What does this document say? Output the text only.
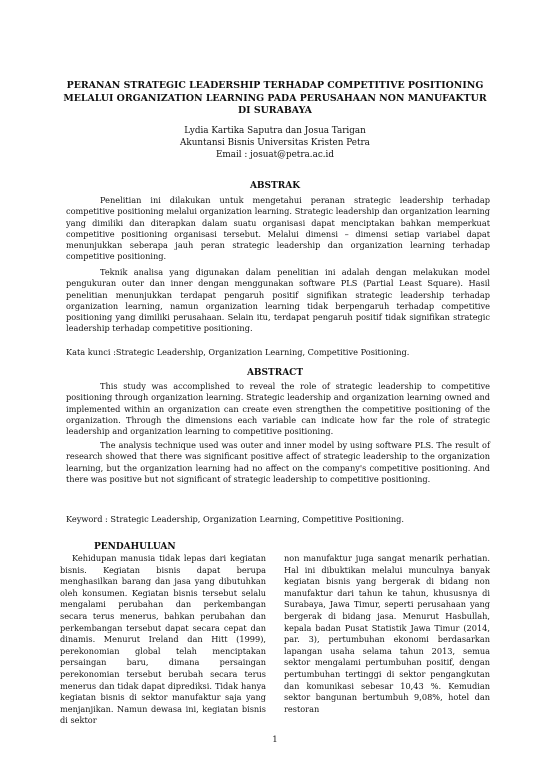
PERANAN STRATEGIC LEADERSHIP TERHADAP COMPETITIVE POSITIONING MELALUI ORGANIZATION LEARNING PADA PERUSAHAAN NON MANUFAKTUR DI SURABAYA
Lydia Kartika Saputra dan Josua Tarigan
Akuntansi Bisnis Universitas Kristen Petra
Email : josuat@petra.ac.id
ABSTRAK

Penelitian ini dilakukan untuk mengetahui peranan strategic leadership terhadap competitive positioning melalui organization learning. Strategic leadership dan organization learning yang dimiliki dan diterapkan dalam suatu organisasi dapat menciptakan bahkan memperkuat competitive positioning organisasi tersebut. Melalui dimensi – dimensi setiap variabel dapat menunjukkan seberapa jauh peran strategic leadership dan organization learning terhadap competitive positioning.

Teknik analisa yang digunakan dalam penelitian ini adalah dengan melakukan model pengukuran outer dan inner dengan menggunakan software PLS (Partial Least Square). Hasil penelitian menunjukkan terdapat pengaruh positif signifikan strategic leadership terhadap organization learning, namun organization learning tidak berpengaruh terhadap competitive positioning yang dimiliki perusahaan. Selain itu, terdapat pengaruh positif tidak signifikan strategic leadership terhadap competitive positioning.

Kata kunci :Strategic Leadership, Organization Learning, Competitive Positioning.
ABSTRACT

This study was accomplished to reveal the role of strategic leadership to competitive positioning through organization learning. Strategic leadership and organization learning owned and implemented within an organization can create even strengthen the competitive positioning of the organization. Through the dimensions each variable can indicate how far the role of strategic leadership and organization learning to competitive positioning.

The analysis technique used was outer and inner model by using software PLS. The result of research showed that there was significant positive affect of strategic leadership to the organization learning, but the organization learning had no affect on the company's competitive positioning. And there was positive but not significant of strategic leadership to competitive positioning.

Keyword : Strategic Leadership, Organization Learning, Competitive Positioning.
PENDAHULUAN

Kehidupan manusia tidak lepas dari kegiatan bisnis. Kegiatan bisnis dapat berupa menghasilkan barang dan jasa yang dibutuhkan oleh konsumen. Kegiatan bisnis tersebut selalu mengalami perubahan dan perkembangan secara terus menerus, bahkan perubahan dan perkembangan tersebut dapat secara cepat dan dinamis. Menurut Ireland dan Hitt (1999), perekonomian global telah menciptakan persaingan baru, dimana persaingan perekonomian tersebut berubah secara terus menerus dan tidak dapat diprediksi. Tidak hanya kegiatan bisnis di sektor manufaktur saja yang menjanjikan. Namun dewasa ini, kegiatan bisnis di sektor

non manufaktur juga sangat menarik perhatian. Hal ini dibuktikan melalui munculnya banyak kegiatan bisnis yang bergerak di bidang non manufaktur dari tahun ke tahun, khususnya di Surabaya, Jawa Timur, seperti perusahaan yang bergerak di bidang jasa. Menurut Hasbullah, kepala badan Pusat Statistik Jawa Timur (2014, par. 3), pertumbuhan ekonomi berdasarkan lapangan usaha selama tahun 2013, semua sektor mengalami pertumbuhan positif, dengan pertumbuhan tertinggi di sektor pengangkutan dan komunikasi sebesar 10,43 %. Kemudian sektor bangunan bertumbuh 9,08%, hotel dan restoran

1
